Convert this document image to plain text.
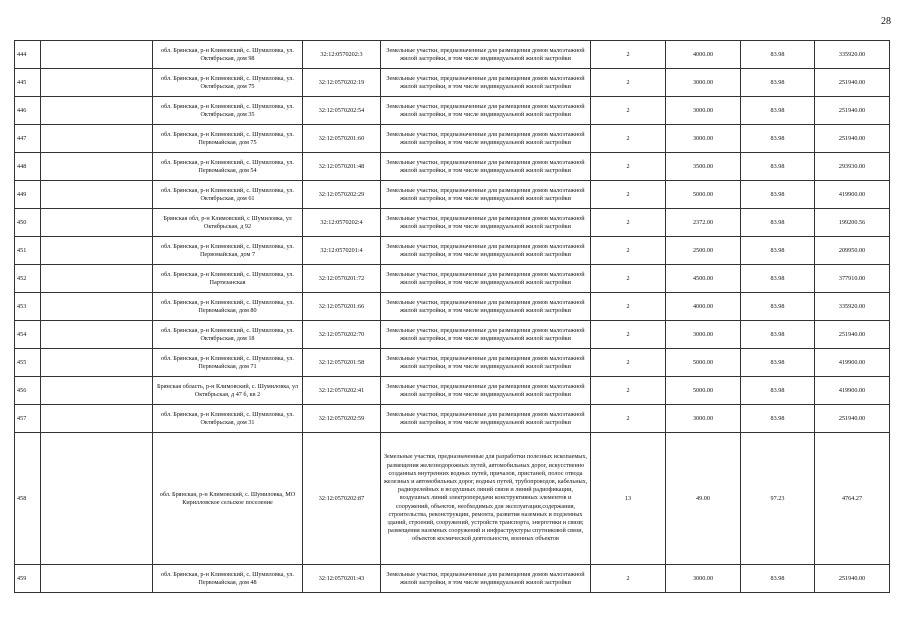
28
444		обл. Брянская, р-н Климовский, с. Шумиловка, ул. Октябрьская, дом 98	32:12:0570202:3	Земельные участки, предназначенные для размещения домов малоэтажной жилой застройки, в том числе индивидуальной жилой застройки	2	4000.00	83.98	335920.00
445		обл. Брянская, р-н Климовский, с. Шумиловка, ул. Октябрьская, дом 75	32:12:0570202:19	Земельные участки, предназначенные для размещения домов малоэтажной жилой застройки, в том числе индивидуальной жилой застройки	2	3000.00	83.98	251940.00
446		обл. Брянская, р-н Климовский, с. Шумиловка, ул. Октябрьская, дом 35	32:12:0570202:54	Земельные участки, предназначенные для размещения домов малоэтажной жилой застройки, в том числе индивидуальной жилой застройки	2	3000.00	83.98	251940.00
447		обл. Брянская, р-н Климовский, с. Шумиловка, ул. Первомайская, дом 75	32:12:0570201:60	Земельные участки, предназначенные для размещения домов малоэтажной жилой застройки, в том числе индивидуальной жилой застройки	2	3000.00	83.98	251940.00
448		обл. Брянская, р-н Климовский, с. Шумиловка, ул. Первомайская, дом 54	32:12:0570201:48	Земельные участки, предназначенные для размещения домов малоэтажной жилой застройки, в том числе индивидуальной жилой застройки	2	3500.00	83.98	293930.00
449		обл. Брянская, р-н Климовский, с. Шумиловка, ул. Октябрьская, дом 61	32:12:0570202:29	Земельные участки, предназначенные для размещения домов малоэтажной жилой застройки, в том числе индивидуальной жилой застройки	2	5000.00	83.98	419900.00
450		Брянская обл, р-н Климовский, с Шумиловка, ул Октябрьская, д 92	32:12:0570202:4	Земельные участки, предназначенные для размещения домов малоэтажной жилой застройки, в том числе индивидуальной жилой застройки	2	2372.00	83.98	199200.56
451		обл. Брянская, р-н Климовский, с. Шумиловка, ул. Первомайская, дом 7	32:12:0570201:4	Земельные участки, предназначенные для размещения домов малоэтажной жилой застройки, в том числе индивидуальной жилой застройки	2	2500.00	83.98	209950.00
452		обл. Брянская, р-н Климовский, с. Шумиловка, ул. Партизанская	32:12:0570201:72	Земельные участки, предназначенные для размещения домов малоэтажной жилой застройки, в том числе индивидуальной жилой застройки	2	4500.00	83.98	377910.00
453		обл. Брянская, р-н Климовский, с. Шумиловка, ул. Первомайская, дом 80	32:12:0570201:66	Земельные участки, предназначенные для размещения домов малоэтажной жилой застройки, в том числе индивидуальной жилой застройки	2	4000.00	83.98	335920.00
454		обл. Брянская, р-н Климовский, с. Шумиловка, ул. Октябрьская, дом 18	32:12:0570202:70	Земельные участки, предназначенные для размещения домов малоэтажной жилой застройки, в том числе индивидуальной жилой застройки	2	3000.00	83.98	251940.00
455		обл. Брянская, р-н Климовский, с. Шумиловка, ул. Первомайская, дом 71	32:12:0570201:58	Земельные участки, предназначенные для размещения домов малоэтажной жилой застройки, в том числе индивидуальной жилой застройки	2	5000.00	83.98	419900.00
456		Брянская область, р-н Климовский, с. Шумиловка, ул Октябрьская, д 47 б, кв 2	32:12:0570202:41	Земельные участки, предназначенные для размещения домов малоэтажной жилой застройки, в том числе индивидуальной жилой застройки	2	5000.00	83.98	419900.00
457		обл. Брянская, р-н Климовский, с. Шумиловка, ул. Октябрьская, дом 31	32:12:0570202:59	Земельные участки, предназначенные для размещения домов малоэтажной жилой застройки, в том числе индивидуальной жилой застройки	2	3000.00	83.98	251940.00
458		обл. Брянская, р-н Климовский, с. Шумиловка, МО Кирилловское сельское поселение	32:12:0570202:87	Земельные участки, предназначенные для разработки полезных ископаемых, размещения железнодорожных путей, автомобильных дорог, искусственно созданных внутренних водных путей, причалов, пристаней, полос отвода железных и автомобильных дорог, водных путей, трубопроводов, кабельных, радиорелейных и воздушных линий связи и линий радиофикации, воздушных линий электропередачи конструктивных элементов и сооружений, объектов, необходимых для эксплуатации,содержания, строительства, реконструкции, ремонта, развития наземных и подземных зданий, строений, сооружений, устройств транспорта, энергетики и связи; размещения наземных сооружений и инфраструктуры спутниковой связи, объектов космической деятельности, военных объектов	13	49.00	97.23	4764.27
459		обл. Брянская, р-н Климовский, с. Шумиловка, ул. Первомайская, дом 48	32:12:0570201:43	Земельные участки, предназначенные для размещения домов малоэтажной жилой застройки, в том числе индивидуальной жилой застройки	2	3000.00	83.98	251940.00
